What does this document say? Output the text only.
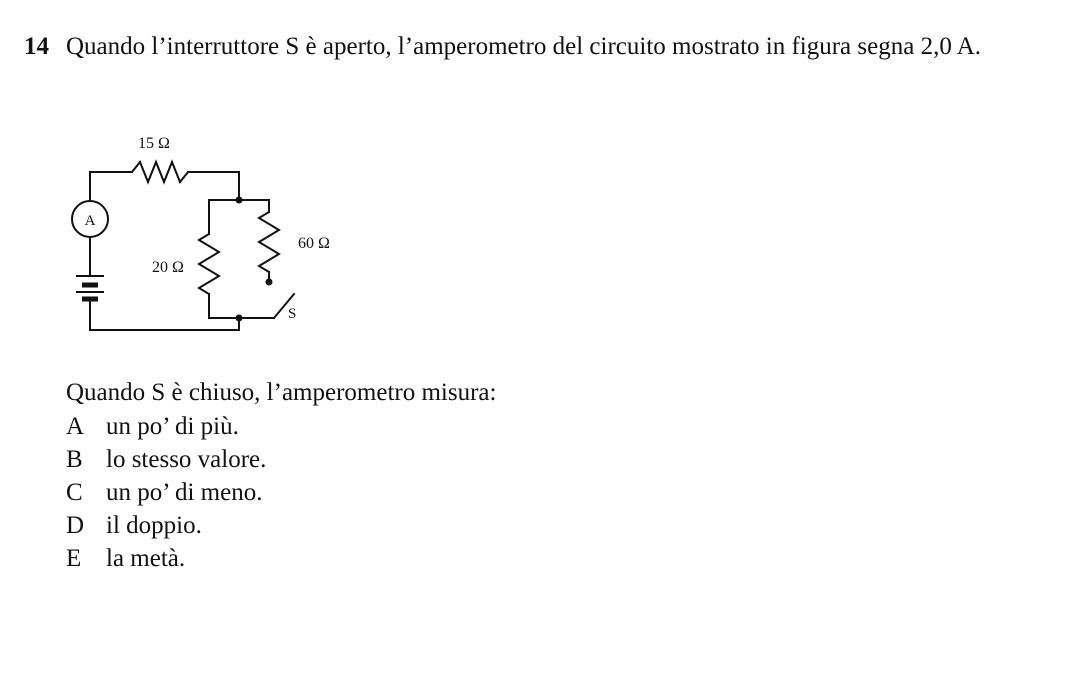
14 Quando l’interruttore S è aperto, l’amperometro del circuito mostrato in figura segna 2,0 A.
15 Ω
A
20 Ω
60 Ω
S
Quando S è chiuso, l’amperometro misura:
A un po’ di più.
B lo stesso valore.
C un po’ di meno.
D il doppio.
E la metà.
